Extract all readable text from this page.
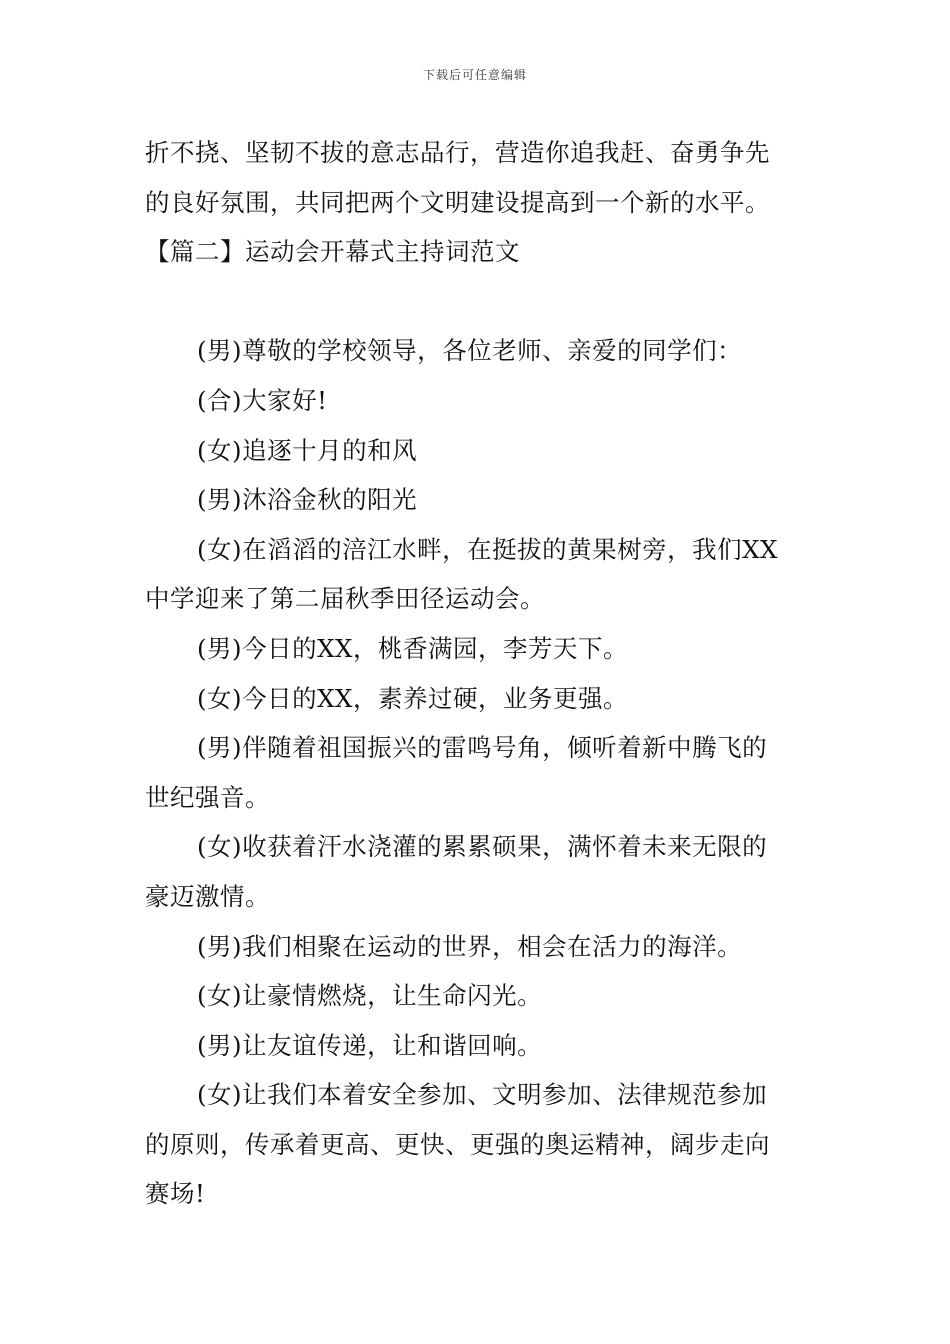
下载后可任意编辑
折不挠、坚韧不拔的意志品行，营造你追我赶、奋勇争先
的良好氛围，共同把两个文明建设提高到一个新的水平。
【篇二】运动会开幕式主持词范文
(男)尊敬的学校领导，各位老师、亲爱的同学们：
(合)大家好!
(女)追逐十月的和风
(男)沐浴金秋的阳光
(女)在滔滔的涪江水畔，在挺拔的黄果树旁，我们XX
中学迎来了第二届秋季田径运动会。
(男)今日的XX，桃香满园，李芳天下。
(女)今日的XX，素养过硬，业务更强。
(男)伴随着祖国振兴的雷鸣号角，倾听着新中腾飞的
世纪强音。
(女)收获着汗水浇灌的累累硕果，满怀着未来无限的
豪迈激情。
(男)我们相聚在运动的世界，相会在活力的海洋。
(女)让豪情燃烧，让生命闪光。
(男)让友谊传递，让和谐回响。
(女)让我们本着安全参加、文明参加、法律规范参加
的原则，传承着更高、更快、更强的奥运精神，阔步走向
赛场!
